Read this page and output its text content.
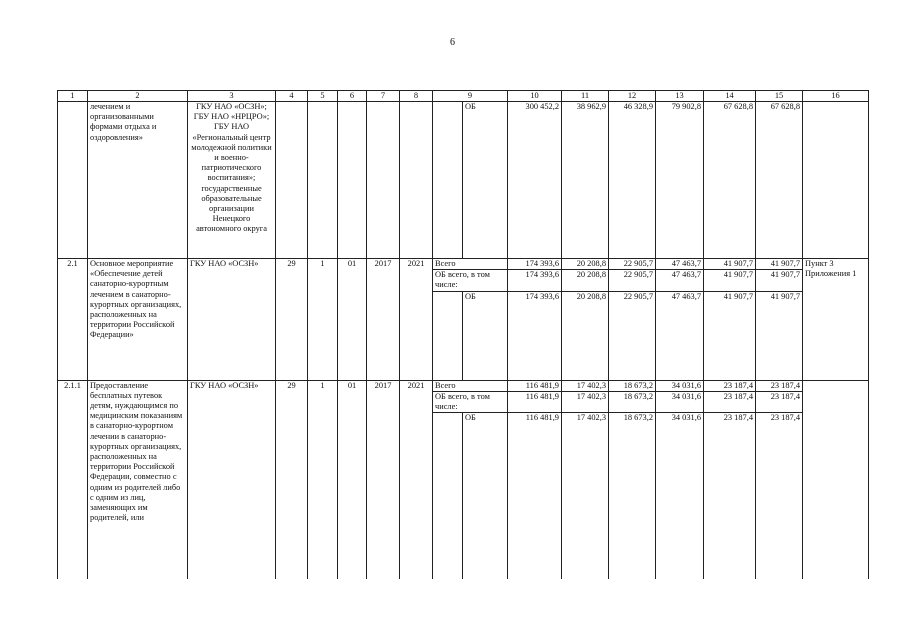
6
1	2	3	4	5	6	7	8	9		10	11	12	13	14	15	16
	лечением и организованными формами отдыха и оздоровления»	ГКУ НАО «ОСЗН»; ГБУ НАО «НРЦРО»; ГБУ НАО «Региональный центр молодежной политики и военно-патриотического воспитания»; государственные образовательные организации Ненецкого автономного округа							ОБ	300 452,2	38 962,9	46 328,9	79 902,8	67 628,8	67 628,8	
2.1	Основное мероприятие «Обеспечение детей санаторно-курортным лечением в санаторно-курортных организациях, расположенных на территории Российской Федерации»	ГКУ НАО «ОСЗН»	29	1	01	2017	2021	Всего		174 393,6	20 208,8	22 905,7	47 463,7	41 907,7	41 907,7	Пункт 3 Приложения 1
								ОБ всего, в том числе:		174 393,6	20 208,8	22 905,7	47 463,7	41 907,7	41 907,7	
									ОБ	174 393,6	20 208,8	22 905,7	47 463,7	41 907,7	41 907,7	
2.1.1	Предоставление бесплатных путевок детям, нуждающимся по медицинским показаниям в санаторно-курортном лечении в санаторно-курортных организациях, расположенных на территории Российской Федерации, совместно с одним из родителей либо с одним из лиц, заменяющих им родителей, или	ГКУ НАО «ОСЗН»	29	1	01	2017	2021	Всего		116 481,9	17 402,3	18 673,2	34 031,6	23 187,4	23 187,4	
								ОБ всего, в том числе:		116 481,9	17 402,3	18 673,2	34 031,6	23 187,4	23 187,4	
									ОБ	116 481,9	17 402,3	18 673,2	34 031,6	23 187,4	23 187,4	
